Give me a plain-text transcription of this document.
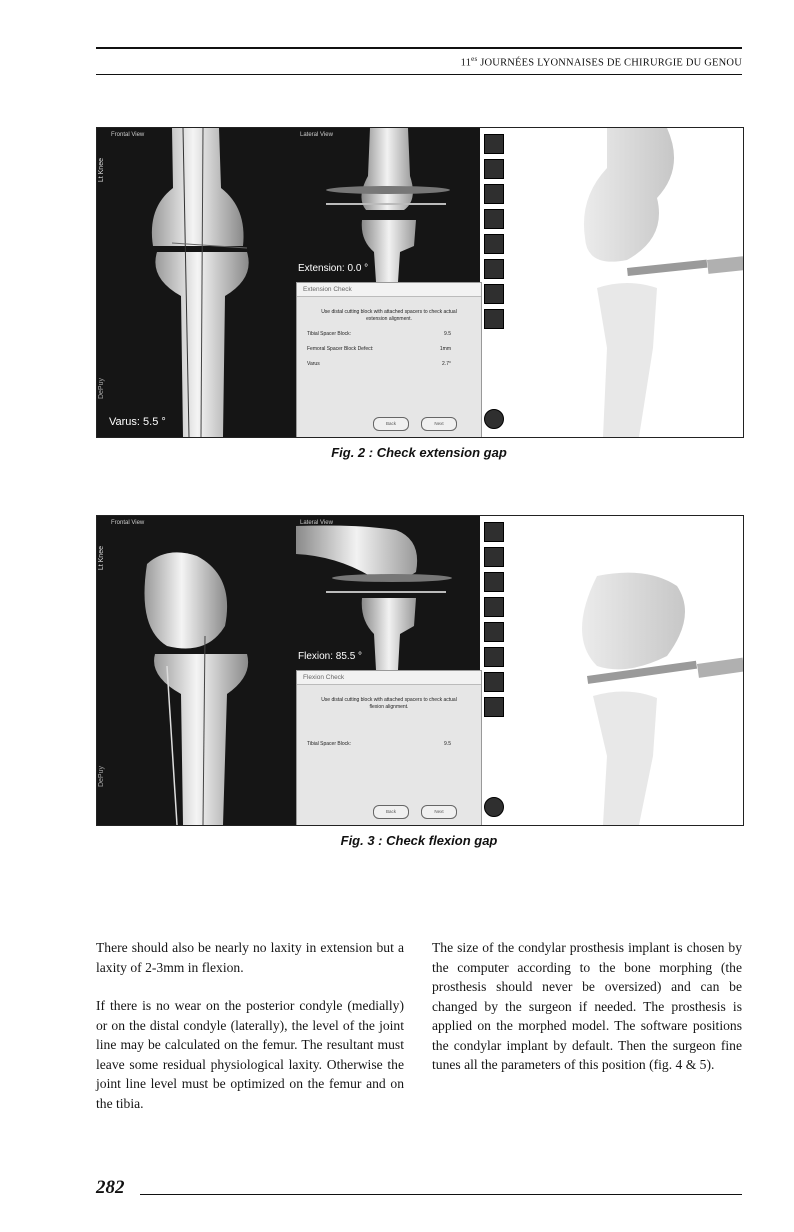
$11^{es}$ JOURNÉES LYONNAISES DE CHIRURGIE DU GENOU
Frontal View
Lt Knee
Varus: 5.5 °
DePuy
Lateral View
Extension: 0.0 °
Extension Check
Use distal cutting block with attached spacers to check actual extension alignment.
Tibial Spacer Block:	9.5
Femoral Spacer Block Defect:	1mm
Varus	2.7°
Back	Next
Fig. 2 : Check extension gap
Frontal View
Lt Knee
DePuy
Lateral View
Flexion: 85.5 °
Flexion Check
Use distal cutting block with attached spacers to check actual flexion alignment.
Tibial Spacer Block:	9.5
Back	Next
Fig. 3 : Check flexion gap

There should also be nearly no laxity in extension but a laxity of 2-3mm in flexion.

If there is no wear on the posterior condyle (medially) or on the distal condyle (laterally), the level of the joint line may be calculated on the femur. The resultant must leave some residual physiological laxity. Otherwise the joint line level must be optimized on the femur and on the tibia.

The size of the condylar prosthesis implant is chosen by the computer according to the bone morphing (the prosthesis should never be oversized) and can be changed by the surgeon if needed. The prosthesis is applied on the morphed model. The software positions the condylar implant by default. Then the surgeon fine tunes all the parameters of this position (fig. 4 & 5).

282
